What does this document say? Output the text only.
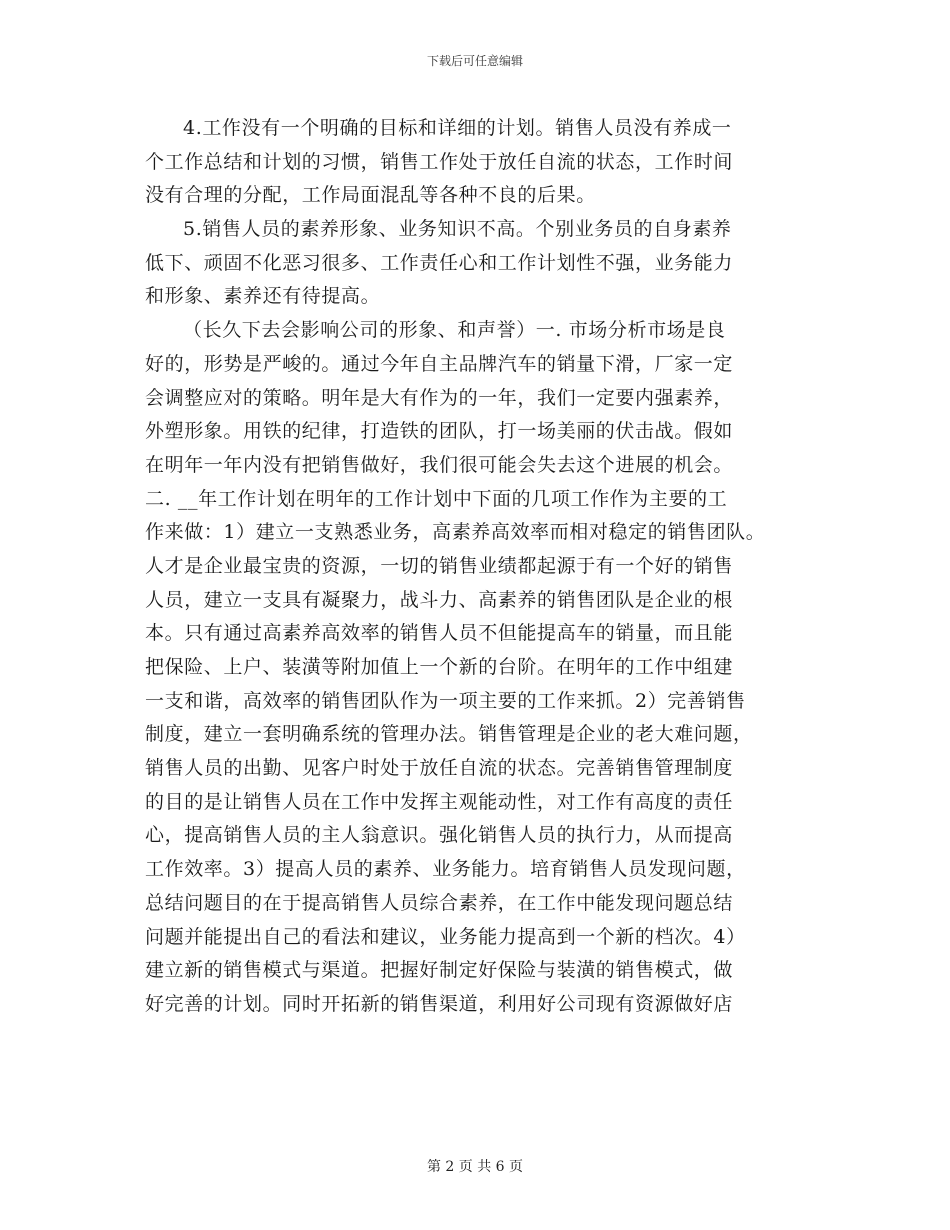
下载后可任意编辑
4.工作没有一个明确的目标和详细的计划。销售人员没有养成一
个工作总结和计划的习惯，销售工作处于放任自流的状态，工作时间
没有合理的分配，工作局面混乱等各种不良的后果。
5.销售人员的素养形象、业务知识不高。个别业务员的自身素养
低下、顽固不化恶习很多、工作责任心和工作计划性不强，业务能力
和形象、素养还有待提高。
（长久下去会影响公司的形象、和声誉）一. 市场分析市场是良
好的，形势是严峻的。通过今年自主品牌汽车的销量下滑，厂家一定
会调整应对的策略。明年是大有作为的一年，我们一定要内强素养，
外塑形象。用铁的纪律，打造铁的团队，打一场美丽的伏击战。假如
在明年一年内没有把销售做好，我们很可能会失去这个进展的机会。
二. __年工作计划在明年的工作计划中下面的几项工作作为主要的工
作来做：1）建立一支熟悉业务，高素养高效率而相对稳定的销售团队。
人才是企业最宝贵的资源，一切的销售业绩都起源于有一个好的销售
人员，建立一支具有凝聚力，战斗力、高素养的销售团队是企业的根
本。只有通过高素养高效率的销售人员不但能提高车的销量，而且能
把保险、上户、装潢等附加值上一个新的台阶。在明年的工作中组建
一支和谐，高效率的销售团队作为一项主要的工作来抓。2）完善销售
制度，建立一套明确系统的管理办法。销售管理是企业的老大难问题，
销售人员的出勤、见客户时处于放任自流的状态。完善销售管理制度
的目的是让销售人员在工作中发挥主观能动性，对工作有高度的责任
心，提高销售人员的主人翁意识。强化销售人员的执行力，从而提高
工作效率。3）提高人员的素养、业务能力。培育销售人员发现问题，
总结问题目的在于提高销售人员综合素养，在工作中能发现问题总结
问题并能提出自己的看法和建议，业务能力提高到一个新的档次。4）
建立新的销售模式与渠道。把握好制定好保险与装潢的销售模式，做
好完善的计划。同时开拓新的销售渠道，利用好公司现有资源做好店
第 2 页 共 6 页
